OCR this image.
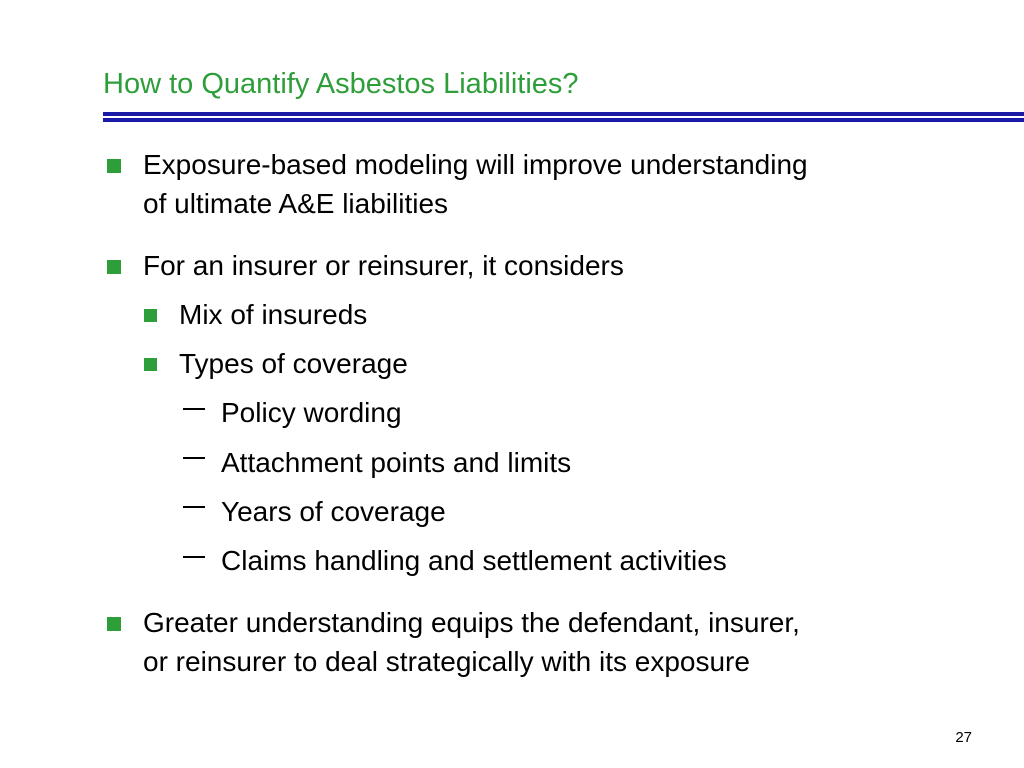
How to Quantify Asbestos Liabilities?
Exposure-based modeling will improve understanding
of ultimate A&E liabilities
For an insurer or reinsurer, it considers
Mix of insureds
Types of coverage
Policy wording
Attachment points and limits
Years of coverage
Claims handling and settlement activities
Greater understanding equips the defendant, insurer,
or reinsurer to deal strategically with its exposure
27
